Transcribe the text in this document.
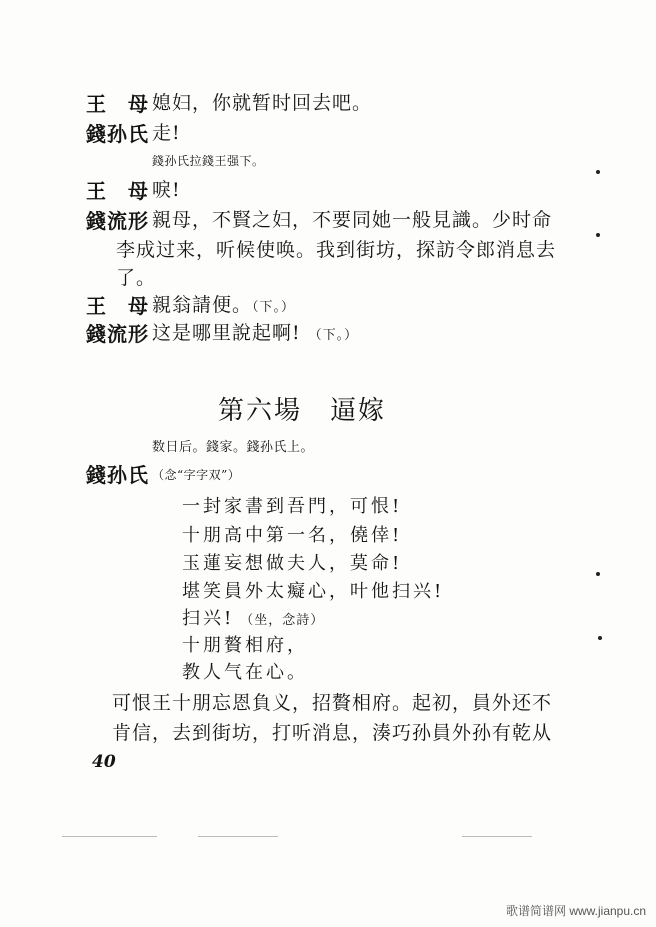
王　母 媳妇，你就暂时回去吧。
錢孙氏 走!
錢孙氏拉錢王强下。
王　母 唳!
錢流形 親母，不賢之妇，不要同她一般見識。少时命
李成过来，听候使唤。我到街坊，探訪令郎消息去
了。
王　母 親翁請便。（下。）
錢流形 这是哪里說起啊! （下。）
第六場　逼嫁
数日后。錢家。錢孙氏上。
錢孙氏 （念“字字双”）
一封家書到吾門，可恨!
十朋高中第一名，僥倖!
玉蓮妄想做夫人，莫命!
堪笑員外太癡心，叶他扫兴!
扫兴! （坐，念詩）
十朋贅相府，
教人气在心。
可恨王十朋忘恩負义，招贅相府。起初，員外还不
肯信，去到街坊，打听消息，湊巧孙員外孙有乾从
40
歌谱简谱网 www.jianpu.cn
